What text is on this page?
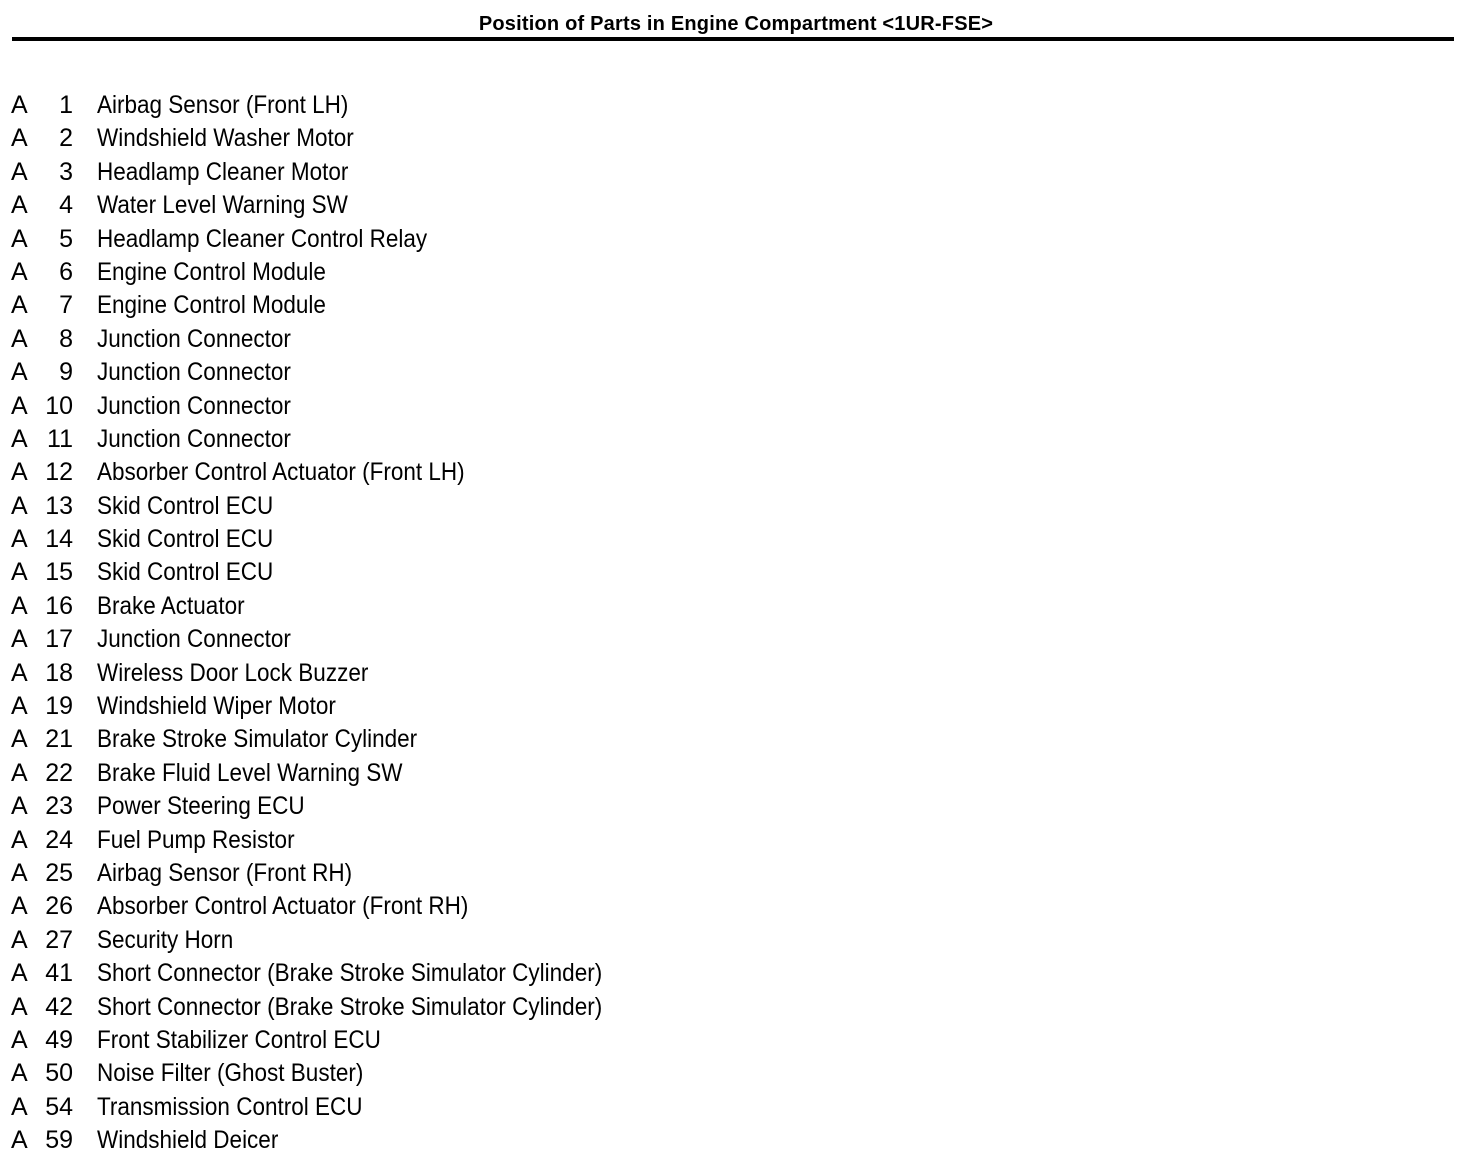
Position of Parts in Engine Compartment <1UR-FSE>
A	1 Airbag Sensor (Front LH)
A	2 Windshield Washer Motor
A	3 Headlamp Cleaner Motor
A	4 Water Level Warning SW
A	5 Headlamp Cleaner Control Relay
A	6 Engine Control Module
A	7 Engine Control Module
A	8 Junction Connector
A	9 Junction Connector
A 10 Junction Connector
A 11 Junction Connector
A 12 Absorber Control Actuator (Front LH)
A 13 Skid Control ECU
A 14 Skid Control ECU
A 15 Skid Control ECU
A 16 Brake Actuator
A 17 Junction Connector
A 18 Wireless Door Lock Buzzer
A 19 Windshield Wiper Motor
A 21 Brake Stroke Simulator Cylinder
A 22 Brake Fluid Level Warning SW
A 23 Power Steering ECU
A 24 Fuel Pump Resistor
A 25 Airbag Sensor (Front RH)
A 26 Absorber Control Actuator (Front RH)
A 27 Security Horn
A 41 Short Connector (Brake Stroke Simulator Cylinder)
A 42 Short Connector (Brake Stroke Simulator Cylinder)
A 49 Front Stabilizer Control ECU
A 50 Noise Filter (Ghost Buster)
A 54 Transmission Control ECU
A 59 Windshield Deicer
